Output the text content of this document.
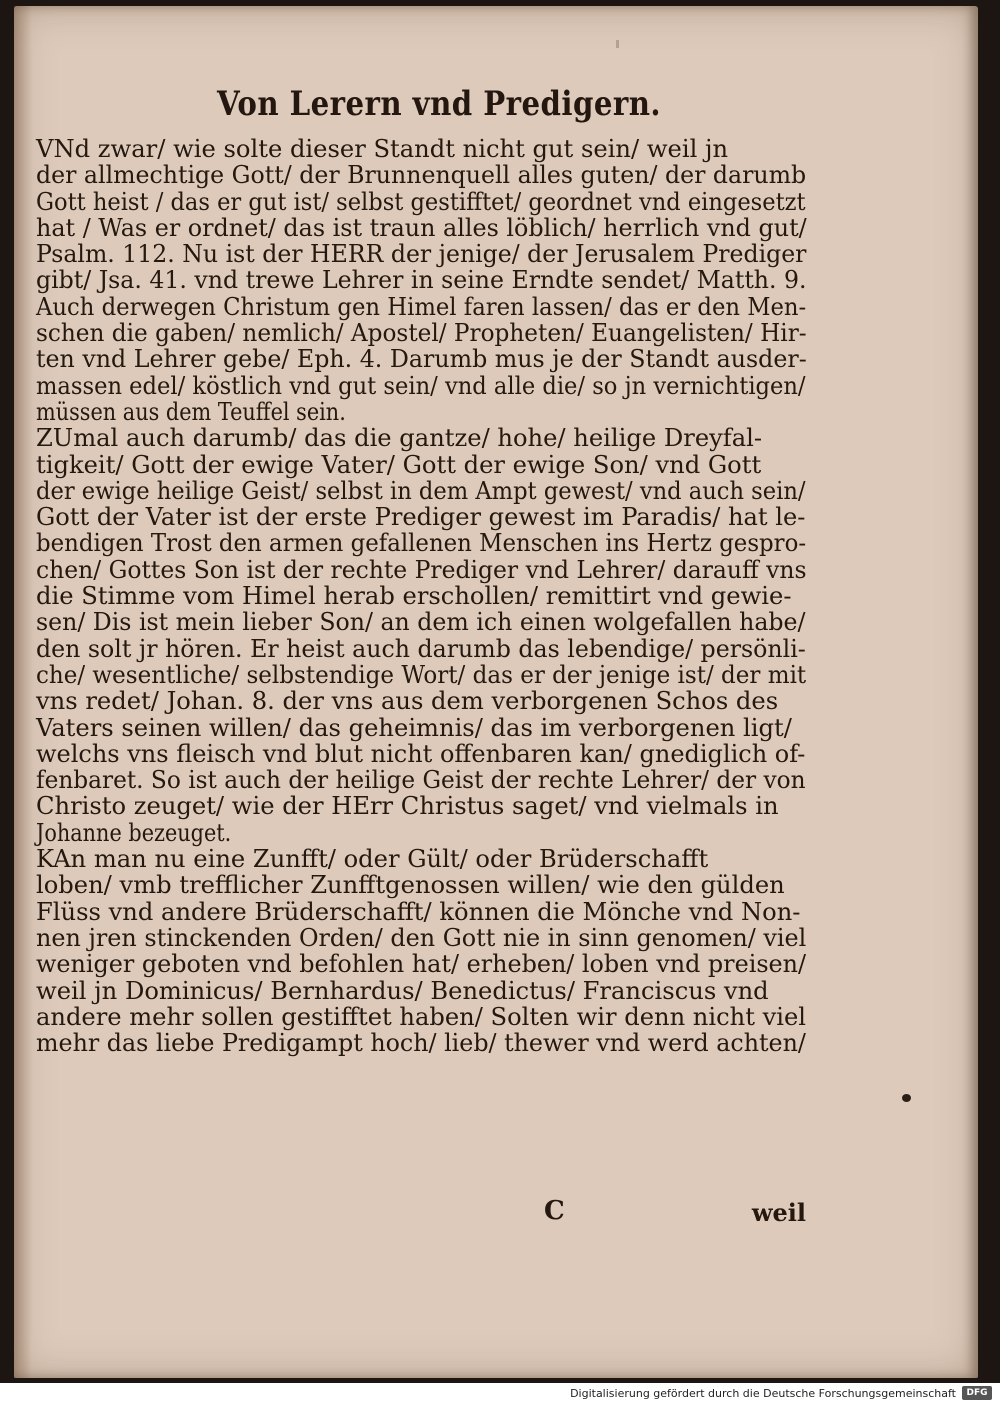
Von Lerern vnd Predigern.
VNd zwar/ wie solte dieser Standt nicht gut sein/ weil jn
der allmechtige Gott/ der Brunnenquell alles guten/ der darumb
Gott heist / das er gut ist/ selbst gestifftet/ geordnet vnd eingesetzt
hat / Was er ordnet/ das ist traun alles löblich/ herrlich vnd gut/
Psalm. 112. Nu ist der HERR der jenige/ der Jerusalem Prediger
gibt/ Jsa. 41. vnd trewe Lehrer in seine Erndte sendet/ Matth. 9.
Auch derwegen Christum gen Himel faren lassen/ das er den Men-
schen die gaben/ nemlich/ Apostel/ Propheten/ Euangelisten/ Hir-
ten vnd Lehrer gebe/ Eph. 4. Darumb mus je der Standt ausder-
massen edel/ köstlich vnd gut sein/ vnd alle die/ so jn vernichtigen/
müssen aus dem Teuffel sein.
ZUmal auch darumb/ das die gantze/ hohe/ heilige Dreyfal-
tigkeit/ Gott der ewige Vater/ Gott der ewige Son/ vnd Gott
der ewige heilige Geist/ selbst in dem Ampt gewest/ vnd auch sein/
Gott der Vater ist der erste Prediger gewest im Paradis/ hat le-
bendigen Trost den armen gefallenen Menschen ins Hertz gespro-
chen/ Gottes Son ist der rechte Prediger vnd Lehrer/ darauff vns
die Stimme vom Himel herab erschollen/ remittirt vnd gewie-
sen/ Dis ist mein lieber Son/ an dem ich einen wolgefallen habe/
den solt jr hören. Er heist auch darumb das lebendige/ persönli-
che/ wesentliche/ selbstendige Wort/ das er der jenige ist/ der mit
vns redet/ Johan. 8. der vns aus dem verborgenen Schos des
Vaters seinen willen/ das geheimnis/ das im verborgenen ligt/
welchs vns fleisch vnd blut nicht offenbaren kan/ gnediglich of-
fenbaret. So ist auch der heilige Geist der rechte Lehrer/ der von
Christo zeuget/ wie der HErr Christus saget/ vnd vielmals in
Johanne bezeuget.
KAn man nu eine Zunfft/ oder Gült/ oder Brüderschafft
loben/ vmb trefflicher Zunfftgenossen willen/ wie den gülden
Flüss vnd andere Brüderschafft/ können die Mönche vnd Non-
nen jren stinckenden Orden/ den Gott nie in sinn genomen/ viel
weniger geboten vnd befohlen hat/ erheben/ loben vnd preisen/
weil jn Dominicus/ Bernhardus/ Benedictus/ Franciscus vnd
andere mehr sollen gestifftet haben/ Solten wir denn nicht viel
mehr das liebe Predigampt hoch/ lieb/ thewer vnd werd achten/
C	weil
Digitalisierung gefördert durch die Deutsche Forschungsgemeinschaft	DFG
